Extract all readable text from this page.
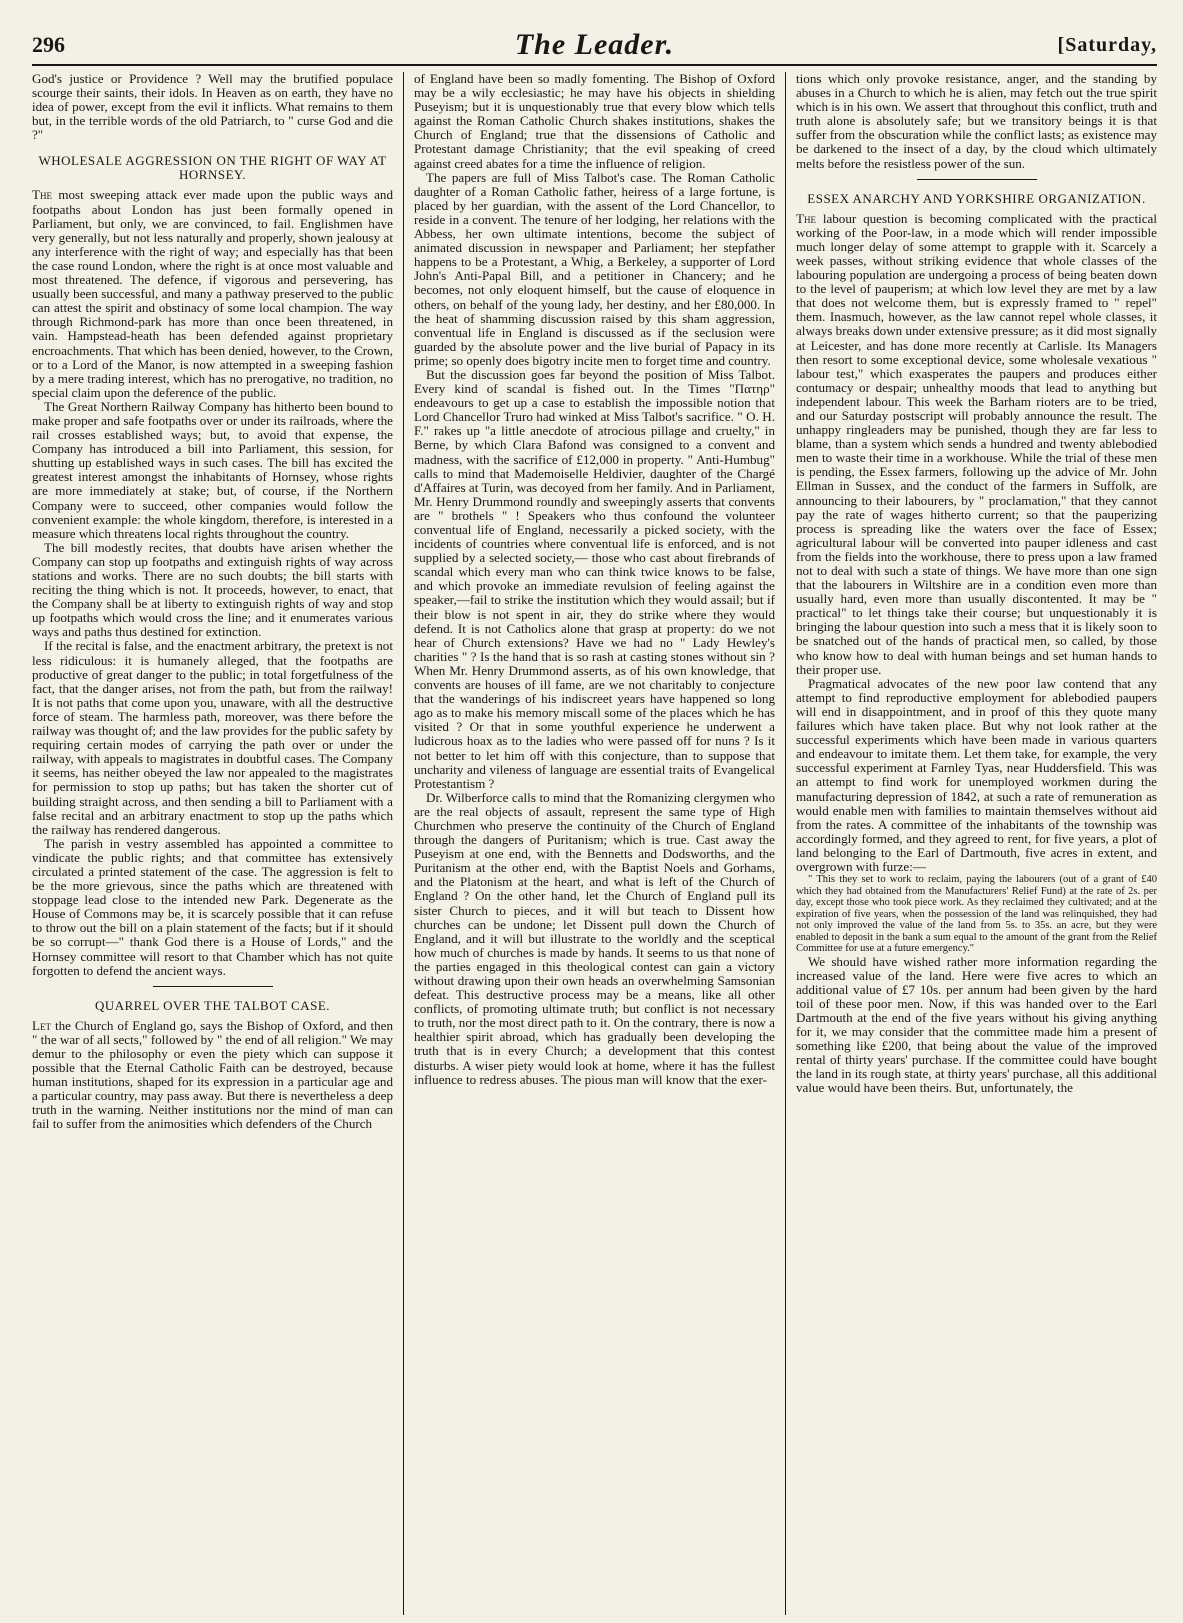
296	The Leader.	[Saturday,

God's justice or Providence ? Well may the brutified populace scourge their saints, their idols. In Heaven as on earth, they have no idea of power, except from the evil it inflicts. What remains to them but, in the terrible words of the old Patriarch, to " curse God and die ?"

WHOLESALE AGGRESSION ON THE RIGHT OF WAY AT HORNSEY.

The most sweeping attack ever made upon the public ways and footpaths about London has just been formally opened in Parliament, but only, we are convinced, to fail. Englishmen have very generally, but not less naturally and properly, shown jealousy at any interference with the right of way; and especially has that been the case round London, where the right is at once most valuable and most threatened. The defence, if vigorous and persevering, has usually been successful, and many a pathway preserved to the public can attest the spirit and obstinacy of some local champion. The way through Richmond-park has more than once been threatened, in vain. Hampstead-heath has been defended against proprietary encroachments. That which has been denied, however, to the Crown, or to a Lord of the Manor, is now attempted in a sweeping fashion by a mere trading interest, which has no prerogative, no tradition, no special claim upon the deference of the public.

The Great Northern Railway Company has hitherto been bound to make proper and safe footpaths over or under its railroads, where the rail crosses established ways; but, to avoid that expense, the Company has introduced a bill into Parliament, this session, for shutting up established ways in such cases. The bill has excited the greatest interest amongst the inhabitants of Hornsey, whose rights are more immediately at stake; but, of course, if the Northern Company were to succeed, other companies would follow the convenient example: the whole kingdom, therefore, is interested in a measure which threatens local rights throughout the country.

The bill modestly recites, that doubts have arisen whether the Company can stop up footpaths and extinguish rights of way across stations and works. There are no such doubts; the bill starts with reciting the thing which is not. It proceeds, however, to enact, that the Company shall be at liberty to extinguish rights of way and stop up footpaths which would cross the line; and it enumerates various ways and paths thus destined for extinction.

If the recital is false, and the enactment arbitrary, the pretext is not less ridiculous: it is humanely alleged, that the footpaths are productive of great danger to the public; in total forgetfulness of the fact, that the danger arises, not from the path, but from the railway! It is not paths that come upon you, unaware, with all the destructive force of steam. The harmless path, moreover, was there before the railway was thought of; and the law provides for the public safety by requiring certain modes of carrying the path over or under the railway, with appeals to magistrates in doubtful cases. The Company it seems, has neither obeyed the law nor appealed to the magistrates for permission to stop up paths; but has taken the shorter cut of building straight across, and then sending a bill to Parliament with a false recital and an arbitrary enactment to stop up the paths which the railway has rendered dangerous.

The parish in vestry assembled has appointed a committee to vindicate the public rights; and that committee has extensively circulated a printed statement of the case. The aggression is felt to be the more grievous, since the paths which are threatened with stoppage lead close to the intended new Park. Degenerate as the House of Commons may be, it is scarcely possible that it can refuse to throw out the bill on a plain statement of the facts; but if it should be so corrupt—" thank God there is a House of Lords," and the Hornsey committee will resort to that Chamber which has not quite forgotten to defend the ancient ways.

QUARREL OVER THE TALBOT CASE.

Let the Church of England go, says the Bishop of Oxford, and then " the war of all sects," followed by " the end of all religion." We may demur to the philosophy or even the piety which can suppose it possible that the Eternal Catholic Faith can be destroyed, because human institutions, shaped for its expression in a particular age and a particular country, may pass away. But there is nevertheless a deep truth in the warning. Neither institutions nor the mind of man can fail to suffer from the animosities which defenders of the Church

of England have been so madly fomenting. The Bishop of Oxford may be a wily ecclesiastic; he may have his objects in shielding Puseyism; but it is unquestionably true that every blow which tells against the Roman Catholic Church shakes institutions, shakes the Church of England; true that the dissensions of Catholic and Protestant damage Christianity; that the evil speaking of creed against creed abates for a time the influence of religion.

The papers are full of Miss Talbot's case. The Roman Catholic daughter of a Roman Catholic father, heiress of a large fortune, is placed by her guardian, with the assent of the Lord Chancellor, to reside in a convent. The tenure of her lodging, her relations with the Abbess, her own ultimate intentions, become the subject of animated discussion in newspaper and Parliament; her stepfather happens to be a Protestant, a Whig, a Berkeley, a supporter of Lord John's Anti-Papal Bill, and a petitioner in Chancery; and he becomes, not only eloquent himself, but the cause of eloquence in others, on behalf of the young lady, her destiny, and her £80,000. In the heat of shamming discussion raised by this sham aggression, conventual life in England is discussed as if the seclusion were guarded by the absolute power and the live burial of Papacy in its prime; so openly does bigotry incite men to forget time and country.

But the discussion goes far beyond the position of Miss Talbot. Every kind of scandal is fished out. In the Times "Πατηρ" endeavours to get up a case to establish the impossible notion that Lord Chancellor Truro had winked at Miss Talbot's sacrifice. " O. H. F." rakes up "a little anecdote of atrocious pillage and cruelty," in Berne, by which Clara Bafond was consigned to a convent and madness, with the sacrifice of £12,000 in property. " Anti-Humbug" calls to mind that Mademoiselle Heldivier, daughter of the Chargé d'Affaires at Turin, was decoyed from her family. And in Parliament, Mr. Henry Drummond roundly and sweepingly asserts that convents are " brothels " ! Speakers who thus confound the volunteer conventual life of England, necessarily a picked society, with the incidents of countries where conventual life is enforced, and is not supplied by a selected society,— those who cast about firebrands of scandal which every man who can think twice knows to be false, and which provoke an immediate revulsion of feeling against the speaker,—fail to strike the institution which they would assail; but if their blow is not spent in air, they do strike where they would defend. It is not Catholics alone that grasp at property: do we not hear of Church extensions? Have we had no " Lady Hewley's charities " ? Is the hand that is so rash at casting stones without sin ? When Mr. Henry Drummond asserts, as of his own knowledge, that convents are houses of ill fame, are we not charitably to conjecture that the wanderings of his indiscreet years have happened so long ago as to make his memory miscall some of the places which he has visited ? Or that in some youthful experience he underwent a ludicrous hoax as to the ladies who were passed off for nuns ? Is it not better to let him off with this conjecture, than to suppose that uncharity and vileness of language are essential traits of Evangelical Protestantism ?

Dr. Wilberforce calls to mind that the Romanizing clergymen who are the real objects of assault, represent the same type of High Churchmen who preserve the continuity of the Church of England through the dangers of Puritanism; which is true. Cast away the Puseyism at one end, with the Bennetts and Dodsworths, and the Puritanism at the other end, with the Baptist Noels and Gorhams, and the Platonism at the heart, and what is left of the Church of England ? On the other hand, let the Church of England pull its sister Church to pieces, and it will but teach to Dissent how churches can be undone; let Dissent pull down the Church of England, and it will but illustrate to the worldly and the sceptical how much of churches is made by hands. It seems to us that none of the parties engaged in this theological contest can gain a victory without drawing upon their own heads an overwhelming Samsonian defeat. This destructive process may be a means, like all other conflicts, of promoting ultimate truth; but conflict is not necessary to truth, nor the most direct path to it. On the contrary, there is now a healthier spirit abroad, which has gradually been developing the truth that is in every Church; a development that this contest disturbs. A wiser piety would look at home, where it has the fullest influence to redress abuses. The pious man will know that the exer-

tions which only provoke resistance, anger, and the standing by abuses in a Church to which he is alien, may fetch out the true spirit which is in his own. We assert that throughout this conflict, truth and truth alone is absolutely safe; but we transitory beings it is that suffer from the obscuration while the conflict lasts; as existence may be darkened to the insect of a day, by the cloud which ultimately melts before the resistless power of the sun.

ESSEX ANARCHY AND YORKSHIRE ORGANIZATION.

The labour question is becoming complicated with the practical working of the Poor-law, in a mode which will render impossible much longer delay of some attempt to grapple with it. Scarcely a week passes, without striking evidence that whole classes of the labouring population are undergoing a process of being beaten down to the level of pauperism; at which low level they are met by a law that does not welcome them, but is expressly framed to " repel" them. Inasmuch, however, as the law cannot repel whole classes, it always breaks down under extensive pressure; as it did most signally at Leicester, and has done more recently at Carlisle. Its Managers then resort to some exceptional device, some wholesale vexatious " labour test," which exasperates the paupers and produces either contumacy or despair; unhealthy moods that lead to anything but independent labour. This week the Barham rioters are to be tried, and our Saturday postscript will probably announce the result. The unhappy ringleaders may be punished, though they are far less to blame, than a system which sends a hundred and twenty ablebodied men to waste their time in a workhouse. While the trial of these men is pending, the Essex farmers, following up the advice of Mr. John Ellman in Sussex, and the conduct of the farmers in Suffolk, are announcing to their labourers, by " proclamation," that they cannot pay the rate of wages hitherto current; so that the pauperizing process is spreading like the waters over the face of Essex; agricultural labour will be converted into pauper idleness and cast from the fields into the workhouse, there to press upon a law framed not to deal with such a state of things. We have more than one sign that the labourers in Wiltshire are in a condition even more than usually hard, even more than usually discontented. It may be " practical" to let things take their course; but unquestionably it is bringing the labour question into such a mess that it is likely soon to be snatched out of the hands of practical men, so called, by those who know how to deal with human beings and set human hands to their proper use.

Pragmatical advocates of the new poor law contend that any attempt to find reproductive employment for ablebodied paupers will end in disappointment, and in proof of this they quote many failures which have taken place. But why not look rather at the successful experiments which have been made in various quarters and endeavour to imitate them. Let them take, for example, the very successful experiment at Farnley Tyas, near Huddersfield. This was an attempt to find work for unemployed workmen during the manufacturing depression of 1842, at such a rate of remuneration as would enable men with families to maintain themselves without aid from the rates. A committee of the inhabitants of the township was accordingly formed, and they agreed to rent, for five years, a plot of land belonging to the Earl of Dartmouth, five acres in extent, and overgrown with furze:—

" This they set to work to reclaim, paying the labourers (out of a grant of £40 which they had obtained from the Manufacturers' Relief Fund) at the rate of 2s. per day, except those who took piece work. As they reclaimed they cultivated; and at the expiration of five years, when the possession of the land was relinquished, they had not only improved the value of the land from 5s. to 35s. an acre, but they were enabled to deposit in the bank a sum equal to the amount of the grant from the Relief Committee for use at a future emergency."

We should have wished rather more information regarding the increased value of the land. Here were five acres to which an additional value of £7 10s. per annum had been given by the hard toil of these poor men. Now, if this was handed over to the Earl Dartmouth at the end of the five years without his giving anything for it, we may consider that the committee made him a present of something like £200, that being about the value of the improved rental of thirty years' purchase. If the committee could have bought the land in its rough state, at thirty years' purchase, all this additional value would have been theirs. But, unfortunately, the
